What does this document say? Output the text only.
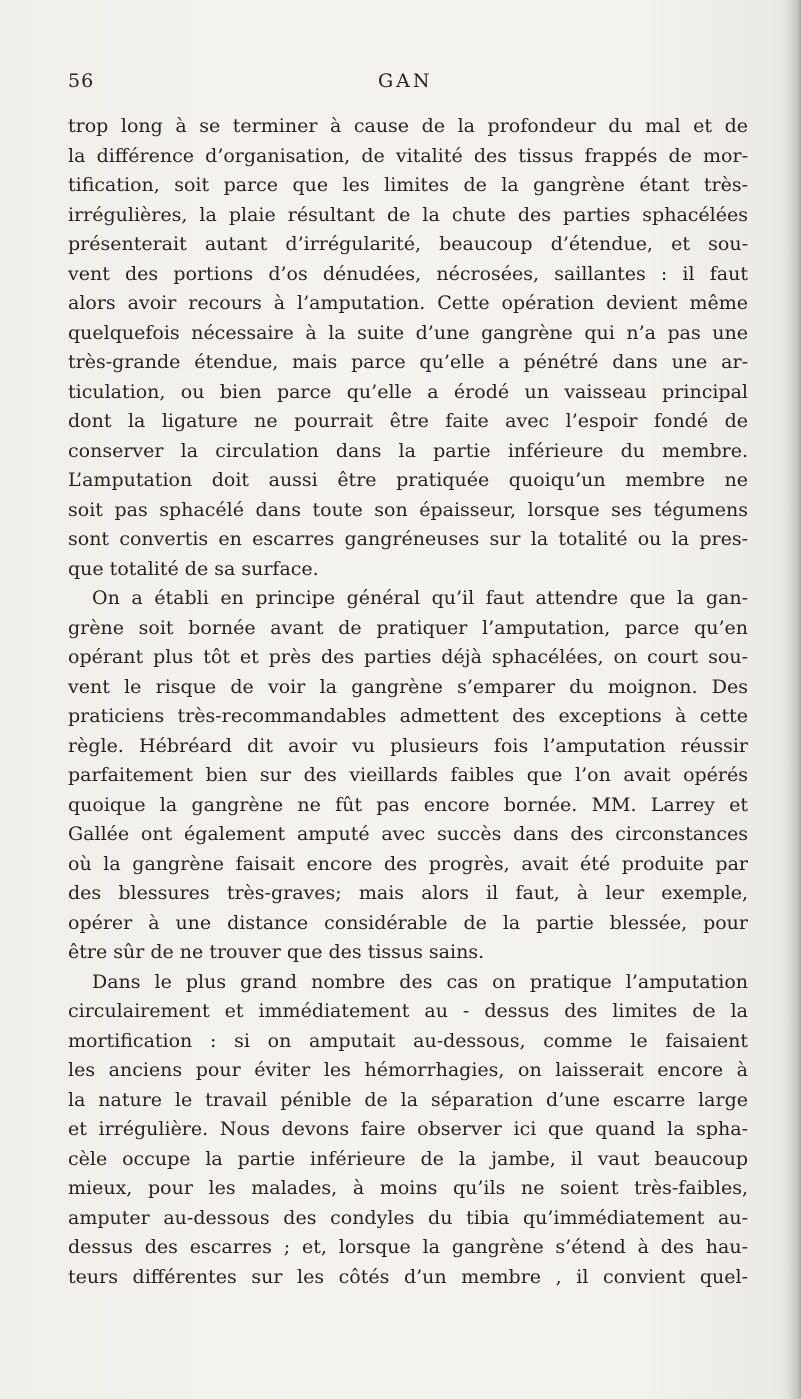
56	GAN
trop long à se terminer à cause de la profondeur du mal et de
la différence d’organisation, de vitalité des tissus frappés de mor-
tification, soit parce que les limites de la gangrène étant très-
irrégulières, la plaie résultant de la chute des parties sphacélées
présenterait autant d’irrégularité, beaucoup d’étendue, et sou-
vent des portions d’os dénudées, nécrosées, saillantes : il faut
alors avoir recours à l’amputation. Cette opération devient même
quelquefois nécessaire à la suite d’une gangrène qui n’a pas une
très-grande étendue, mais parce qu’elle a pénétré dans une ar-
ticulation, ou bien parce qu’elle a érodé un vaisseau principal
dont la ligature ne pourrait être faite avec l’espoir fondé de
conserver la circulation dans la partie inférieure du membre.
L’amputation doit aussi être pratiquée quoiqu’un membre ne
soit pas sphacélé dans toute son épaisseur, lorsque ses tégumens
sont convertis en escarres gangréneuses sur la totalité ou la pres-
que totalité de sa surface.
On a établi en principe général qu’il faut attendre que la gan-
grène soit bornée avant de pratiquer l’amputation, parce qu’en
opérant plus tôt et près des parties déjà sphacélées, on court sou-
vent le risque de voir la gangrène s’emparer du moignon. Des
praticiens très-recommandables admettent des exceptions à cette
règle. Hébréard dit avoir vu plusieurs fois l’amputation réussir
parfaitement bien sur des vieillards faibles que l’on avait opérés
quoique la gangrène ne fût pas encore bornée. MM. Larrey et
Gallée ont également amputé avec succès dans des circonstances
où la gangrène faisait encore des progrès, avait été produite par
des blessures très-graves; mais alors il faut, à leur exemple,
opérer à une distance considérable de la partie blessée, pour
être sûr de ne trouver que des tissus sains.
Dans le plus grand nombre des cas on pratique l’amputation
circulairement et immédiatement au - dessus des limites de la
mortification : si on amputait au-dessous, comme le faisaient
les anciens pour éviter les hémorrhagies, on laisserait encore à
la nature le travail pénible de la séparation d’une escarre large
et irrégulière. Nous devons faire observer ici que quand la spha-
cèle occupe la partie inférieure de la jambe, il vaut beaucoup
mieux, pour les malades, à moins qu’ils ne soient très-faibles,
amputer au-dessous des condyles du tibia qu’immédiatement au-
dessus des escarres ; et, lorsque la gangrène s’étend à des hau-
teurs différentes sur les côtés d’un membre , il convient quel-
